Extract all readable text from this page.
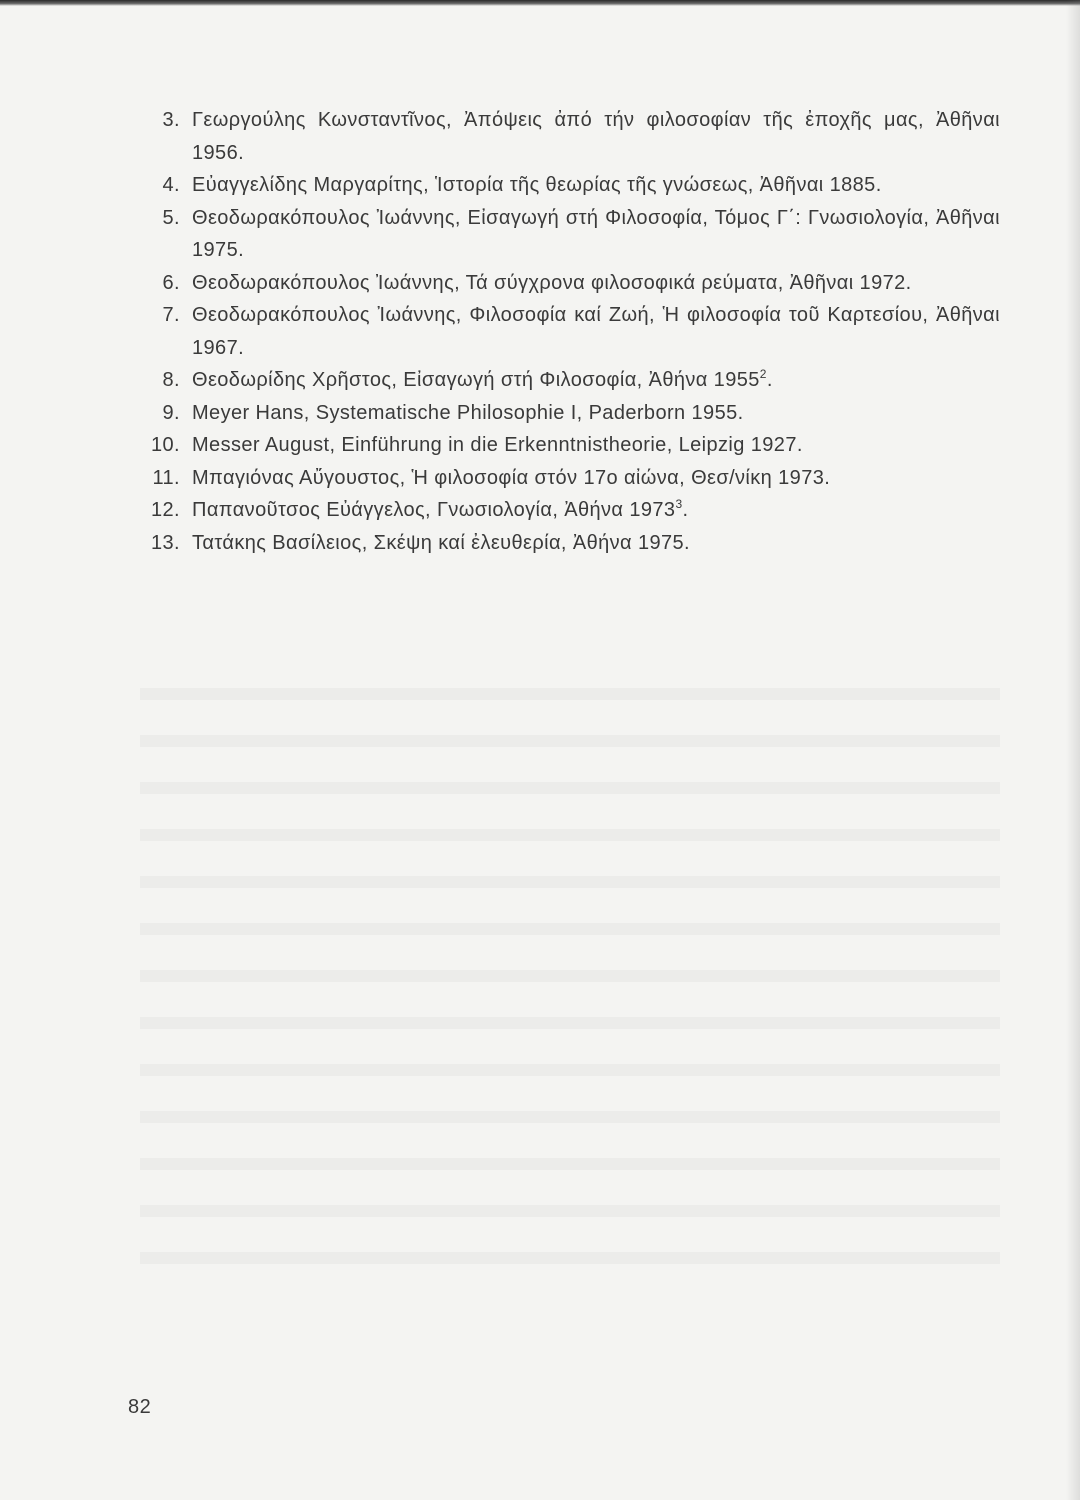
3. Γεωργούλης Κωνσταντῖνος, Ἀπόψεις ἀπό τήν φιλοσοφίαν τῆς ἐποχῆς μας, Ἀθῆναι 1956.
4. Εὐαγγελίδης Μαργαρίτης, Ἱστορία τῆς θεωρίας τῆς γνώσεως, Ἀθῆναι 1885.
5. Θεοδωρακόπουλος Ἰωάννης, Εἰσαγωγή στή Φιλοσοφία, Τόμος Γ΄: Γνωσιολογία, Ἀθῆναι 1975.
6. Θεοδωρακόπουλος Ἰωάννης, Τά σύγχρονα φιλοσοφικά ρεύματα, Ἀθῆναι 1972.
7. Θεοδωρακόπουλος Ἰωάννης, Φιλοσοφία καί Ζωή, Ἡ φιλοσοφία τοῦ Καρτεσίου, Ἀθῆναι 1967.
8. Θεοδωρίδης Χρῆστος, Εἰσαγωγή στή Φιλοσοφία, Ἀθήνα 1955$^2$.
9. Meyer Hans, Systematische Philosophie I, Paderborn 1955.
10. Messer August, Einführung in die Erkenntnistheorie, Leipzig 1927.
11. Μπαγιόνας Αὔγουστος, Ἡ φιλοσοφία στόν 17ο αἰώνα, Θεσ/νίκη 1973.
12. Παπανοῦτσος Εὐάγγελος, Γνωσιολογία, Ἀθήνα 1973$^3$.
13. Τατάκης Βασίλειος, Σκέψη καί ἐλευθερία, Ἀθήνα 1975.
82
